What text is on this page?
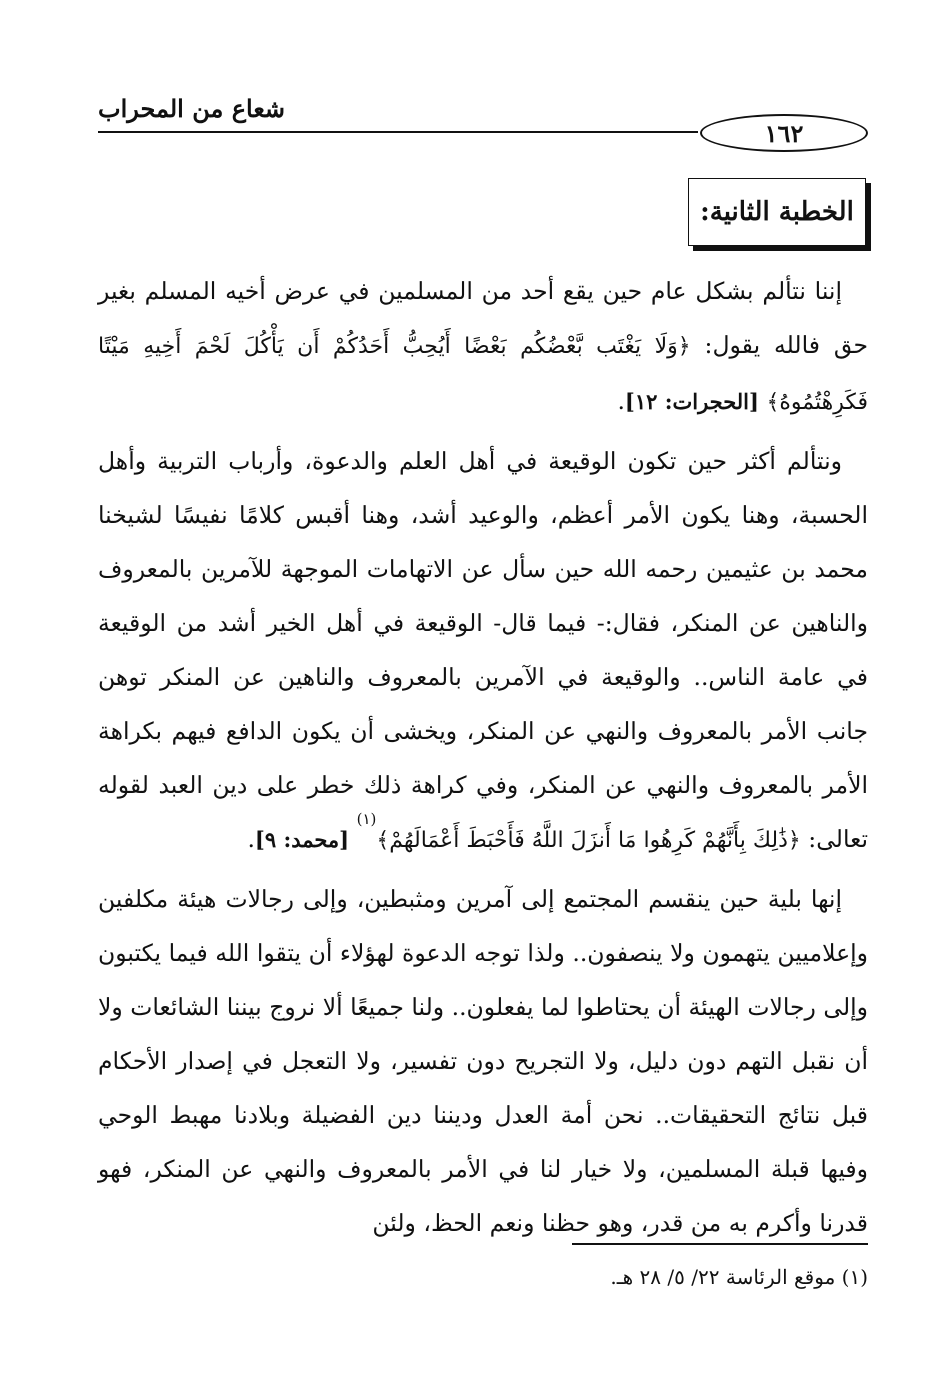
شعاع من المحراب
١٦٢
الخطبة الثانية:

إننا نتألم بشكل عام حين يقع أحد من المسلمين في عرض أخيه المسلم بغير حق فالله يقول: ﴿وَلَا يَغْتَب بَّعْضُكُم بَعْضًا أَيُحِبُّ أَحَدُكُمْ أَن يَأْكُلَ لَحْمَ أَخِيهِ مَيْتًا فَكَرِهْتُمُوهُ﴾ [الحجرات: ١٢].

ونتألم أكثر حين تكون الوقيعة في أهل العلم والدعوة، وأرباب التربية وأهل الحسبة، وهنا يكون الأمر أعظم، والوعيد أشد، وهنا أقبس كلامًا نفيسًا لشيخنا محمد بن عثيمين رحمه الله حين سأل عن الاتهامات الموجهة للآمرين بالمعروف والناهين عن المنكر، فقال:- فيما قال- الوقيعة في أهل الخير أشد من الوقيعة في عامة الناس.. والوقيعة في الآمرين بالمعروف والناهين عن المنكر توهن جانب الأمر بالمعروف والنهي عن المنكر، ويخشى أن يكون الدافع فيهم بكراهة الأمر بالمعروف والنهي عن المنكر، وفي كراهة ذلك خطر على دين العبد لقوله تعالى: ﴿ذَٰلِكَ بِأَنَّهُمْ كَرِهُوا مَا أَنزَلَ اللَّهُ فَأَحْبَطَ أَعْمَالَهُمْ﴾$^{(١)}$ [محمد: ٩].

إنها بلية حين ينقسم المجتمع إلى آمرين ومثبطين، وإلى رجالات هيئة مكلفين وإعلاميين يتهمون ولا ينصفون.. ولذا توجه الدعوة لهؤلاء أن يتقوا الله فيما يكتبون وإلى رجالات الهيئة أن يحتاطوا لما يفعلون.. ولنا جميعًا ألا نروج بيننا الشائعات ولا أن نقبل التهم دون دليل، ولا التجريح دون تفسير، ولا التعجل في إصدار الأحكام قبل نتائج التحقيقات.. نحن أمة العدل وديننا دين الفضيلة وبلادنا مهبط الوحي وفيها قبلة المسلمين، ولا خيار لنا في الأمر بالمعروف والنهي عن المنكر، فهو قدرنا وأكرم به من قدر، وهو حظنا ونعم الحظ، ولئن

(١) موقع الرئاسة ٢٢/ ٥/ ٢٨ هـ.
